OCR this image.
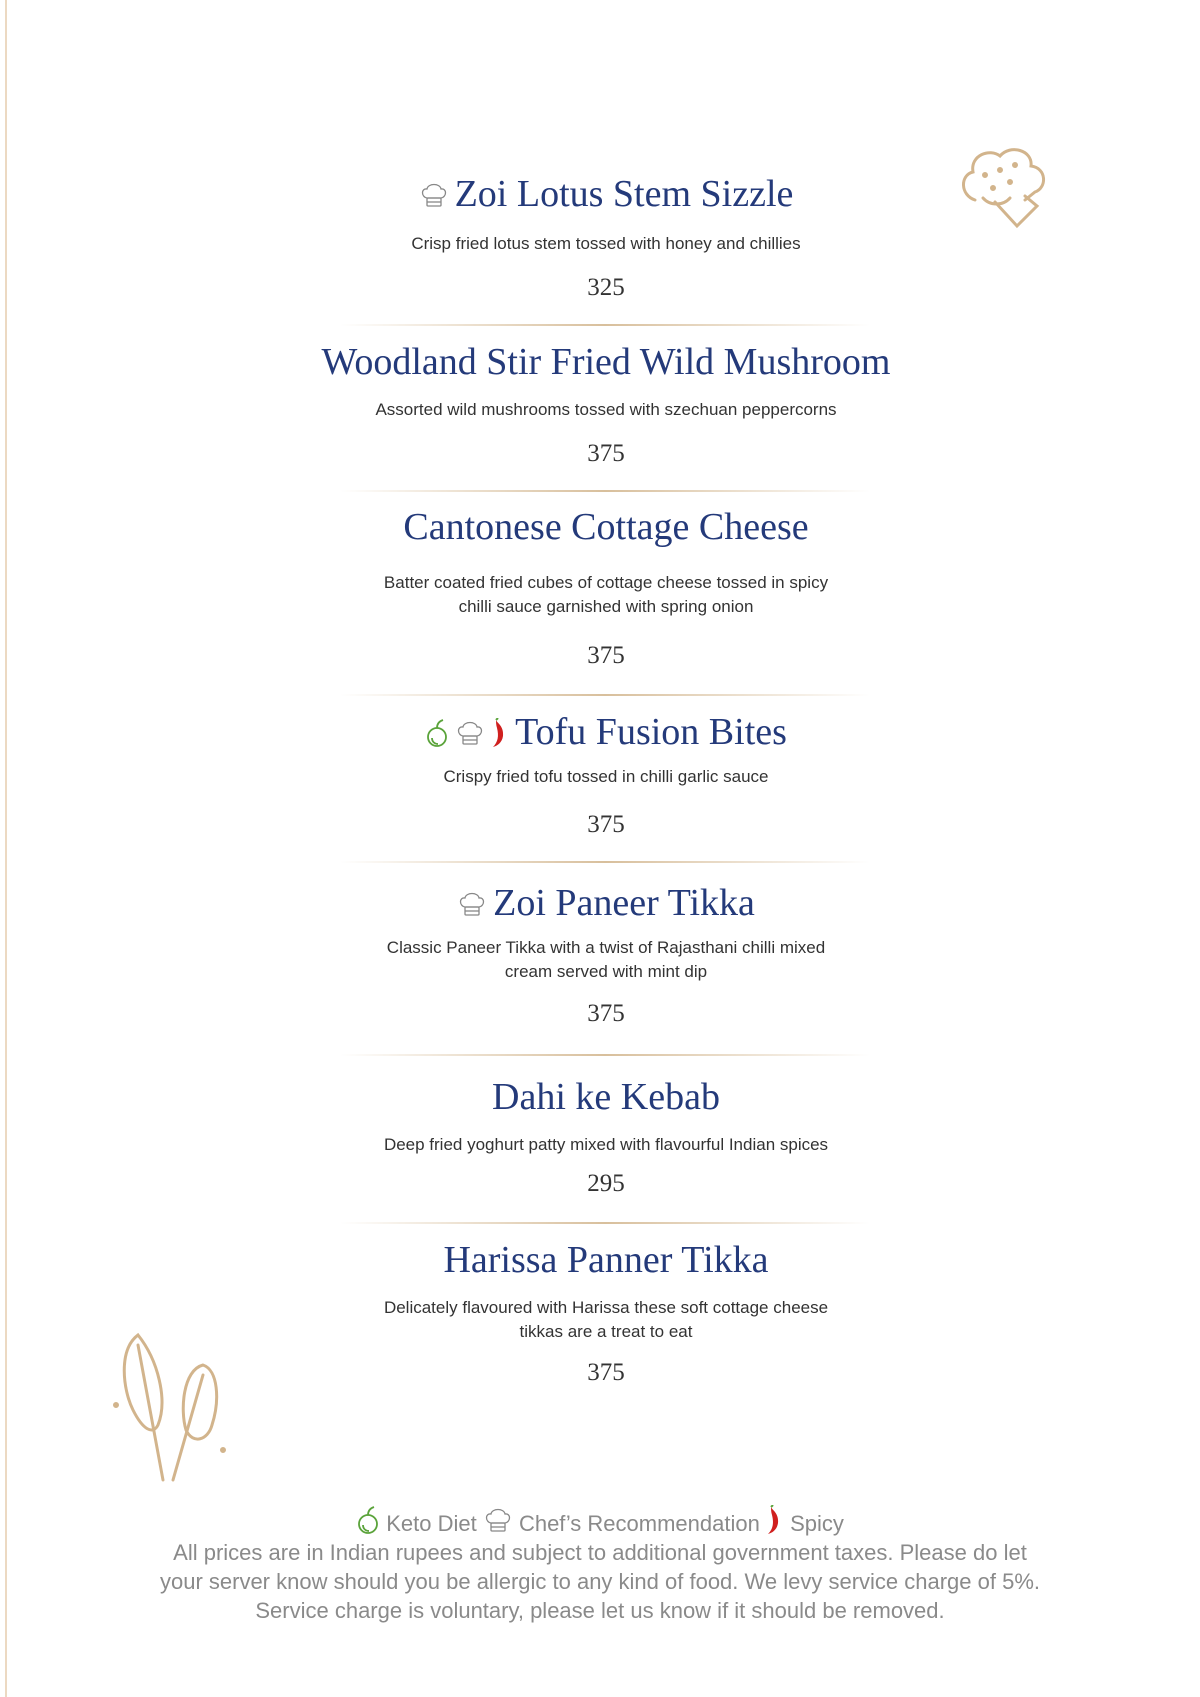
Zoi Lotus Stem Sizzle
Crisp fried lotus stem tossed with honey and chillies
325
Woodland Stir Fried Wild Mushroom
Assorted wild mushrooms tossed with szechuan peppercorns
375
Cantonese Cottage Cheese
Batter coated fried cubes of cottage cheese tossed in spicy
chilli sauce garnished with spring onion
375
Tofu Fusion Bites
Crispy fried tofu tossed in chilli garlic sauce
375
Zoi Paneer Tikka
Classic Paneer Tikka with a twist of Rajasthani chilli mixed
cream served with mint dip
375
Dahi ke Kebab
Deep fried yoghurt patty mixed with flavourful Indian spices
295
Harissa Panner Tikka
Delicately flavoured with Harissa these soft cottage cheese
tikkas are a treat to eat
375
Keto Diet Chef’s Recommendation Spicy
All prices are in Indian rupees and subject to additional government taxes. Please do let
your server know should you be allergic to any kind of food. We levy service charge of 5%.
Service charge is voluntary, please let us know if it should be removed.
